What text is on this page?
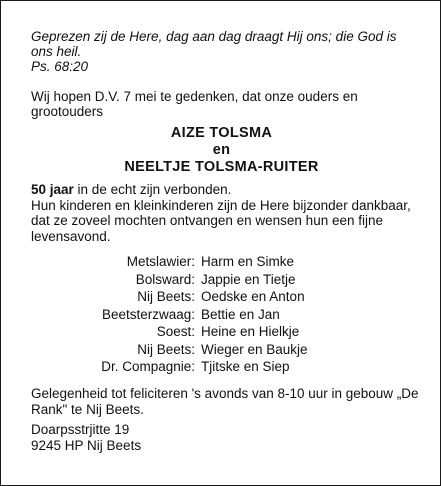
Geprezen zij de Here, dag aan dag draagt Hij ons; die God is ons heil.
Ps. 68:20
Wij hopen D.V. 7 mei te gedenken, dat onze ouders en grootouders
AIZE TOLSMA
en
NEELTJE TOLSMA-RUITER
50 jaar in de echt zijn verbonden.
Hun kinderen en kleinkinderen zijn de Here bijzonder dankbaar, dat ze zoveel mochten ontvangen en wensen hun een fijne levensavond.
Metslawier: Harm en Simke
Bolsward: Jappie en Tietje
Nij Beets: Oedske en Anton
Beetsterzwaag: Bettie en Jan
Soest: Heine en Hielkje
Nij Beets: Wieger en Baukje
Dr. Compagnie: Tjitske en Siep
Gelegenheid tot feliciteren 's avonds van 8-10 uur in gebouw „De Rank" te Nij Beets.
Doarpsstrjitte 19
9245 HP Nij Beets
